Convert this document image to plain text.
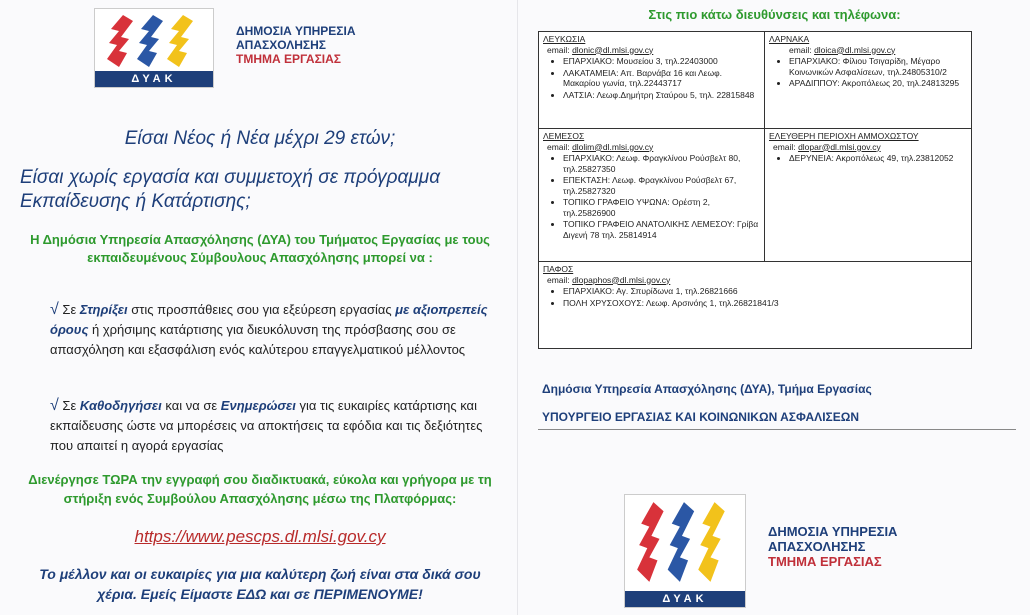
ΔΥΑΚ
ΔΗΜΟΣΙΑ ΥΠΗΡΕΣΙΑ
ΑΠΑΣΧΟΛΗΣΗΣ
ΤΜΗΜΑ ΕΡΓΑΣΙΑΣ
Είσαι Νέος ή Νέα μέχρι 29 ετών;
Είσαι χωρίς εργασία και συμμετοχή σε πρόγραμμα Εκπαίδευσης ή Κατάρτισης;
Η Δημόσια Υπηρεσία Απασχόλησης (ΔΥΑ) του Τμήματος Εργασίας με τους εκπαιδευμένους Σύμβουλους Απασχόλησης μπορεί να :
√ Σε Στηρίξει στις προσπάθειες σου για εξεύρεση εργασίας με αξιοπρεπείς όρους ή χρήσιμης κατάρτισης για διευκόλυνση της πρόσβασης σου σε απασχόληση και εξασφάλιση ενός καλύτερου επαγγελματικού μέλλοντος
√ Σε Καθοδηγήσει και να σε Ενημερώσει για τις ευκαιρίες κατάρτισης και εκπαίδευσης ώστε να μπορέσεις να αποκτήσεις τα εφόδια και τις δεξιότητες που απαιτεί η αγορά εργασίας
Διενέργησε ΤΩΡΑ την εγγραφή σου διαδικτυακά, εύκολα και γρήγορα με τη στήριξη ενός Συμβούλου Απασχόλησης μέσω της Πλατφόρμας:
https://www.pescps.dl.mlsi.gov.cy
Το μέλλον και οι ευκαιρίες για μια καλύτερη ζωή είναι στα δικά σου χέρια. Εμείς Είμαστε ΕΔΩ και σε ΠΕΡΙΜΕΝΟΥΜΕ!
Στις πιο κάτω διευθύνσεις και τηλέφωνα:
ΛΕΥΚΩΣΙΑ
email: dlonic@dl.mlsi.gov.cy
• ΕΠΑΡΧΙΑΚΟ: Μουσείου 3, τηλ.22403000
• ΛΑΚΑΤΑΜΕΙΑ: Απ. Βαρνάβα 16 και Λεωφ. Μακαρίου γωνία, τηλ.22443717
• ΛΑΤΣΙΑ: Λεωφ.Δημήτρη Σταύρου 5, τηλ. 22815848
ΛΑΡΝΑΚΑ
email: dloica@dl.mlsi.gov.cy
• ΕΠΑΡΧΙΑΚΟ: Φίλιου Τσιγαρίδη, Μέγαρο Κοινωνικών Ασφαλίσεων, τηλ.24805310/2
• ΑΡΑΔΙΠΠΟΥ: Ακροπόλεως 20, τηλ.24813295
ΛΕΜΕΣΟΣ
email: dlolim@dl.mlsi.gov.cy
• ΕΠΑΡΧΙΑΚΟ: Λεωφ. Φραγκλίνου Ρούσβελτ 80, τηλ.25827350
• ΕΠΕΚΤΑΣΗ: Λεωφ. Φραγκλίνου Ρούσβελτ 67, τηλ.25827320
• ΤΟΠΙΚΟ ΓΡΑΦΕΙΟ ΥΨΩΝΑ: Ορέστη 2, τηλ.25826900
• ΤΟΠΙΚΟ ΓΡΑΦΕΙΟ ΑΝΑΤΟΛΙΚΗΣ ΛΕΜΕΣΟΥ: Γρίβα Διγενή 78 τηλ. 25814914
ΕΛΕΥΘΕΡΗ ΠΕΡΙΟΧΗ ΑΜΜΟΧΩΣΤΟΥ
email: dlopar@dl.mlsi.gov.cy
• ΔΕΡΥΝΕΙΑ: Ακροπόλεως 49, τηλ.23812052
ΠΑΦΟΣ
email: dlopaphos@dl.mlsi.gov.cy
• ΕΠΑΡΧΙΑΚΟ: Αγ. Σπυρίδωνα 1, τηλ.26821666
• ΠΟΛΗ ΧΡΥΣΟΧΟΥΣ: Λεωφ. Αρσινόης 1, τηλ.26821841/3
Δημόσια Υπηρεσία Απασχόλησης (ΔΥΑ), Τμήμα Εργασίας
ΥΠΟΥΡΓΕΙΟ ΕΡΓΑΣΙΑΣ ΚΑΙ ΚΟΙΝΩΝΙΚΩΝ ΑΣΦΑΛΙΣΕΩΝ
ΔΥΑΚ
ΔΗΜΟΣΙΑ ΥΠΗΡΕΣΙΑ
ΑΠΑΣΧΟΛΗΣΗΣ
ΤΜΗΜΑ ΕΡΓΑΣΙΑΣ
